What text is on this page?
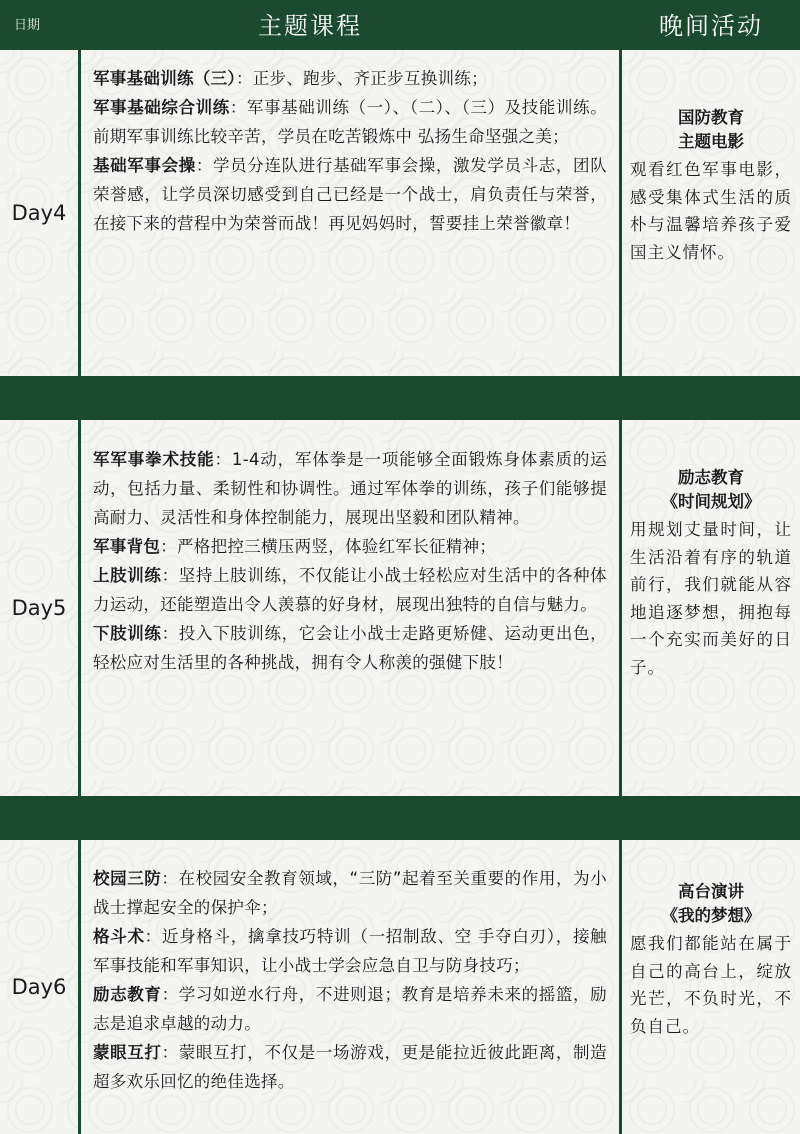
日期	主题课程	晚间活动
Day4

军事基础训练（三）：正步、跑步、齐正步互换训练；

军事基础综合训练：军事基础训练（一）、（二）、（三）及技能训练。前期军事训练比较辛苦，学员在吃苦锻炼中 弘扬生命坚强之美；

基础军事会操：学员分连队进行基础军事会操，激发学员斗志，团队荣誉感，让学员深切感受到自己已经是一个战士，肩负责任与荣誉，在接下来的营程中为荣誉而战！再见妈妈时，誓要挂上荣誉徽章！

国防教育
主题电影
观看红色军事电影，感受集体式生活的质朴与温馨培养孩子爱国主义情怀。
Day5

军军事拳术技能：1-4动，军体拳是一项能够全面锻炼身体素质的运动，包括力量、柔韧性和协调性。通过军体拳的训练，孩子们能够提高耐力、灵活性和身体控制能力，展现出坚毅和团队精神。

军事背包：严格把控三横压两竖，体验红军长征精神；

上肢训练：坚持上肢训练，不仅能让小战士轻松应对生活中的各种体力运动，还能塑造出令人羡慕的好身材，展现出独特的自信与魅力。

下肢训练：投入下肢训练，它会让小战士走路更矫健、运动更出色，轻松应对生活里的各种挑战，拥有令人称羡的强健下肢！

励志教育
《时间规划》
用规划丈量时间，让生活沿着有序的轨道前行，我们就能从容地追逐梦想，拥抱每一个充实而美好的日子。
Day6

校园三防：在校园安全教育领域，“三防”起着至关重要的作用，为小战士撑起安全的保护伞；

格斗术：近身格斗，擒拿技巧特训（一招制敌、空 手夺白刃），接触军事技能和军事知识，让小战士学会应急自卫与防身技巧；

励志教育：学习如逆水行舟，不进则退；教育是培养未来的摇篮，励志是追求卓越的动力。

蒙眼互打：蒙眼互打，不仅是一场游戏，更是能拉近彼此距离，制造超多欢乐回忆的绝佳选择。

高台演讲
《我的梦想》
愿我们都能站在属于自己的高台上，绽放光芒，不负时光，不负自己。
